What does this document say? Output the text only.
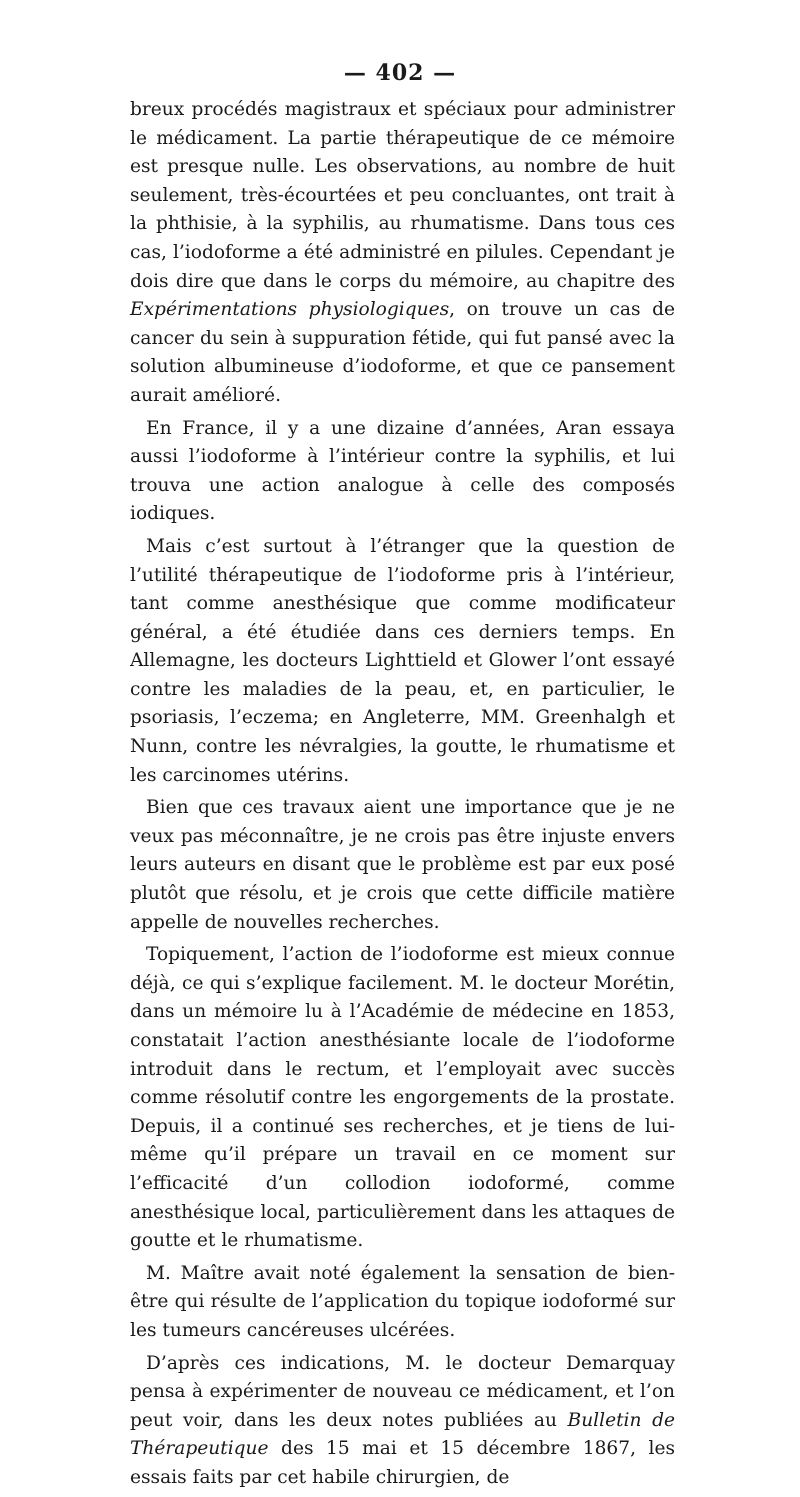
— 402 —

breux procédés magistraux et spéciaux pour administrer le médicament. La partie thérapeutique de ce mémoire est presque nulle. Les observations, au nombre de huit seulement, très-écourtées et peu concluantes, ont trait à la phthisie, à la syphilis, au rhumatisme. Dans tous ces cas, l’iodoforme a été administré en pilules. Cependant je dois dire que dans le corps du mémoire, au chapitre des Expérimentations physiologiques, on trouve un cas de cancer du sein à suppuration fétide, qui fut pansé avec la solution albumineuse d’iodoforme, et que ce pansement aurait amélioré.

En France, il y a une dizaine d’années, Aran essaya aussi l’iodoforme à l’intérieur contre la syphilis, et lui trouva une action analogue à celle des composés iodiques.

Mais c’est surtout à l’étranger que la question de l’utilité thérapeutique de l’iodoforme pris à l’intérieur, tant comme anesthésique que comme modificateur général, a été étudiée dans ces derniers temps. En Allemagne, les docteurs Lighttield et Glower l’ont essayé contre les maladies de la peau, et, en particulier, le psoriasis, l’eczema; en Angleterre, MM. Greenhalgh et Nunn, contre les névralgies, la goutte, le rhumatisme et les carcinomes utérins.

Bien que ces travaux aient une importance que je ne veux pas méconnaître, je ne crois pas être injuste envers leurs auteurs en disant que le problème est par eux posé plutôt que résolu, et je crois que cette difficile matière appelle de nouvelles recherches.

Topiquement, l’action de l’iodoforme est mieux connue déjà, ce qui s’explique facilement. M. le docteur Morétin, dans un mémoire lu à l’Académie de médecine en 1853, constatait l’action anesthésiante locale de l’iodoforme introduit dans le rectum, et l’employait avec succès comme résolutif contre les engorgements de la prostate. Depuis, il a continué ses recherches, et je tiens de lui-même qu’il prépare un travail en ce moment sur l’efficacité d’un collodion iodoformé, comme anesthésique local, particulièrement dans les attaques de goutte et le rhumatisme.

M. Maître avait noté également la sensation de bien-être qui résulte de l’application du topique iodoformé sur les tumeurs cancéreuses ulcérées.

D’après ces indications, M. le docteur Demarquay pensa à expérimenter de nouveau ce médicament, et l’on peut voir, dans les deux notes publiées au Bulletin de Thérapeutique des 15 mai et 15 décembre 1867, les essais faits par cet habile chirurgien, de
